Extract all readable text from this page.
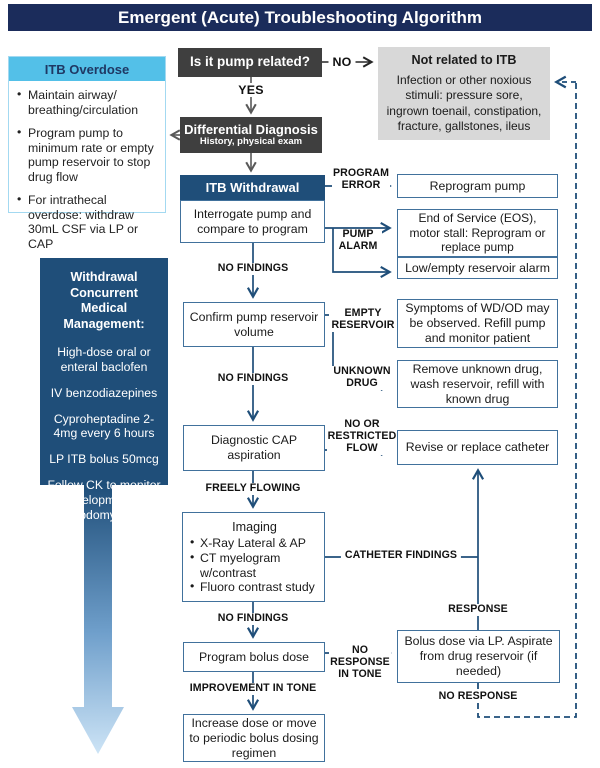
Emergent (Acute) Troubleshooting Algorithm
ITB Overdose
• Maintain airway/ breathing/circulation
• Program pump to minimum rate or empty pump reservoir to stop drug flow
• For intrathecal overdose: withdraw 30mL CSF via LP or CAP
Withdrawal Concurrent Medical Management:
High-dose oral or enteral baclofen
IV benzodiazepines
Cyproheptadine 2-4mg every 6 hours
LP ITB bolus 50mcg
Follow CK to monitor development of rhabdomyolysis
Is it pump related?
Differential Diagnosis
History, physical exam
ITB Withdrawal
Interrogate pump and compare to program
Confirm pump reservoir volume
Diagnostic CAP aspiration
Imaging
• X-Ray Lateral & AP
• CT myelogram w/contrast
• Fluoro contrast study
Program bolus dose
Increase dose or move to periodic bolus dosing regimen
Not related to ITB
Infection or other noxious stimuli: pressure sore, ingrown toenail, constipation, fracture, gallstones, ileus
Reprogram pump
End of Service (EOS), motor stall: Reprogram or replace pump
Low/empty reservoir alarm
Symptoms of WD/OD may be observed. Refill pump and monitor patient
Remove unknown drug, wash reservoir, refill with known drug
Revise or replace catheter
Bolus dose via LP. Aspirate from drug reservoir (if needed)
NO
YES
PROGRAM ERROR
PUMP ALARM
NO FINDINGS
EMPTY RESERVOIR
NO FINDINGS
UNKNOWN DRUG
NO OR RESTRICTED FLOW
FREELY FLOWING
CATHETER FINDINGS
RESPONSE
NO FINDINGS
NO RESPONSE IN TONE
IMPROVEMENT IN TONE
NO RESPONSE
